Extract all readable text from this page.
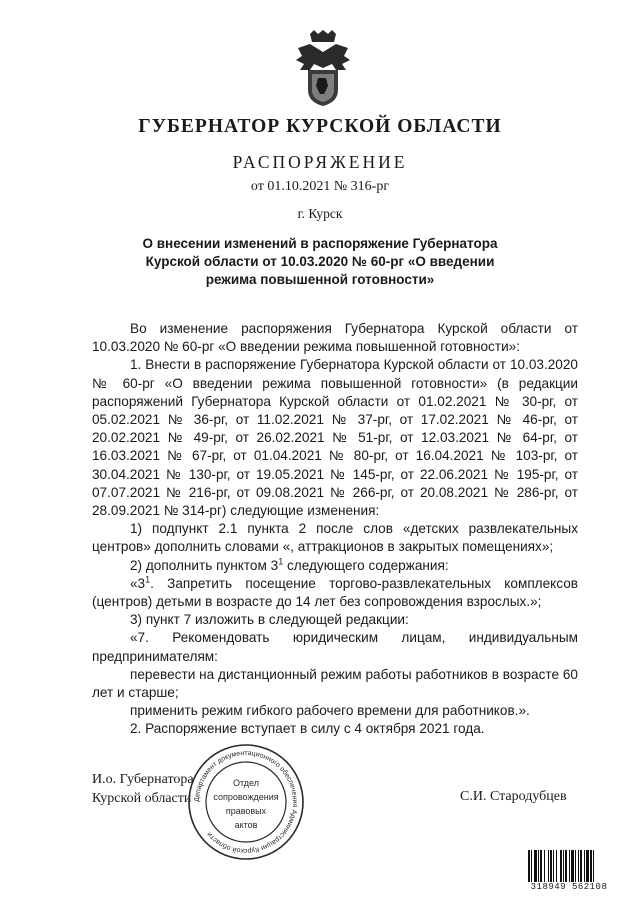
ГУБЕРНАТОР КУРСКОЙ ОБЛАСТИ
РАСПОРЯЖЕНИЕ
от 01.10.2021 № 316-рг
г. Курск
О внесении изменений в распоряжение Губернатора
Курской области от 10.03.2020 № 60-рг «О введении
режима повышенной готовности»

Во изменение распоряжения Губернатора Курской области от 10.03.2020 № 60-рг «О введении режима повышенной готовности»:

1. Внести в распоряжение Губернатора Курской области от 10.03.2020 № 60-рг «О введении режима повышенной готовности» (в редакции распоряжений Губернатора Курской области от 01.02.2021 № 30-рг, от 05.02.2021 № 36-рг, от 11.02.2021 № 37-рг, от 17.02.2021 № 46-рг, от 20.02.2021 № 49-рг, от 26.02.2021 № 51-рг, от 12.03.2021 № 64-рг, от 16.03.2021 № 67-рг, от 01.04.2021 № 80-рг, от 16.04.2021 № 103-рг, от 30.04.2021 № 130-рг, от 19.05.2021 № 145-рг, от 22.06.2021 № 195-рг, от 07.07.2021 № 216-рг, от 09.08.2021 № 266-рг, от 20.08.2021 № 286-рг, от 28.09.2021 № 314-рг) следующие изменения:

1) подпункт 2.1 пункта 2 после слов «детских развлекательных центров» дополнить словами «, аттракционов в закрытых помещениях»;

2) дополнить пунктом $3^1$ следующего содержания:

«$3^1$. Запретить посещение торгово-развлекательных комплексов (центров) детьми в возрасте до 14 лет без сопровождения взрослых.»;

3) пункт 7 изложить в следующей редакции:

«7. Рекомендовать юридическим лицам, индивидуальным предпринимателям:

перевести на дистанционный режим работы работников в возрасте 60 лет и старше;

применить режим гибкого рабочего времени для работников.».

2. Распоряжение вступает в силу с 4 октября 2021 года.

И.о. Губернатора
Курской области	С.И. Стародубцев
Департамент документационного обеспечения Администрации Курской области
Отдел
сопровождения
правовых
актов
318949 562108
